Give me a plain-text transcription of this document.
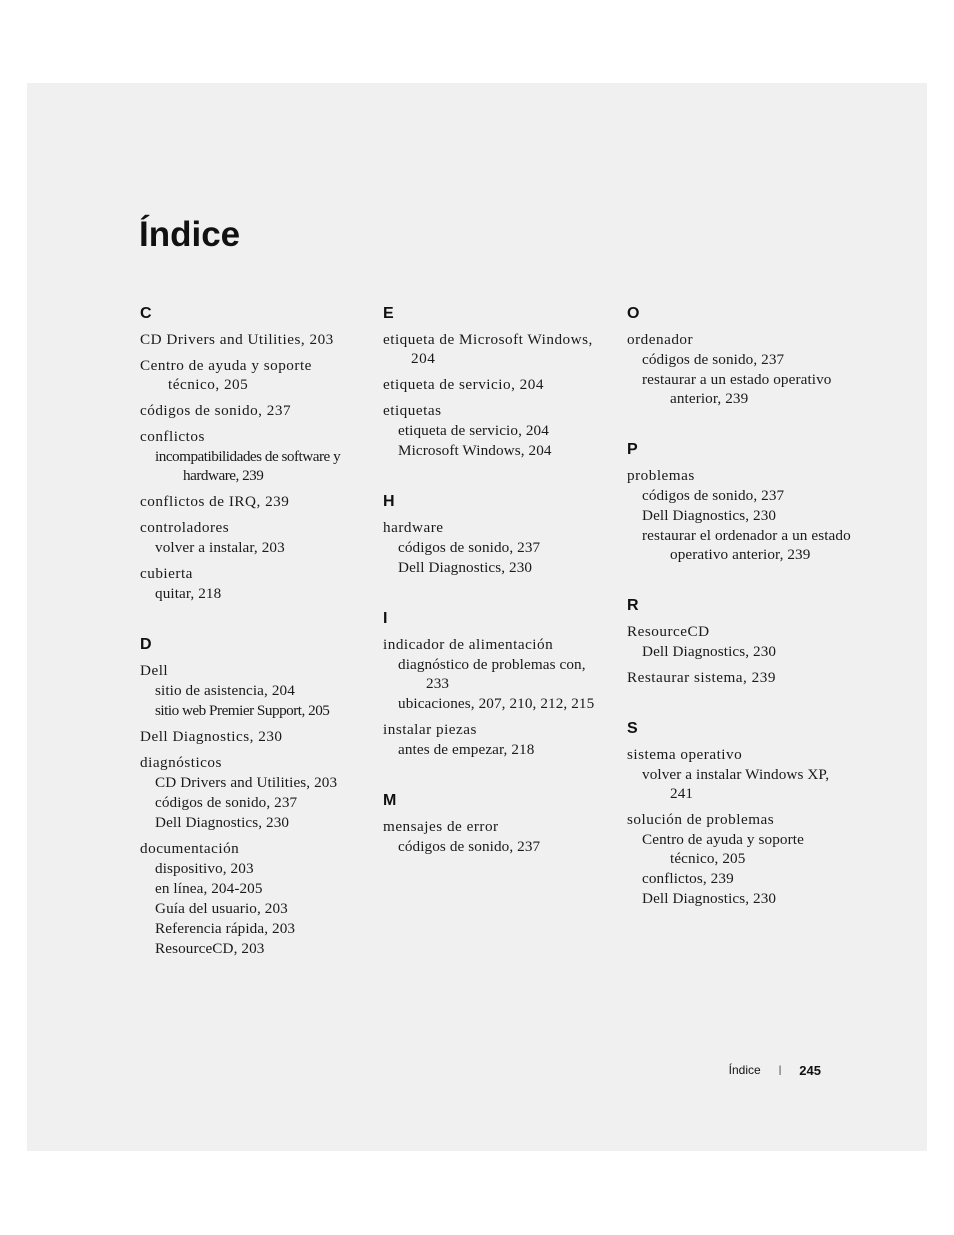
Índice
C
CD Drivers and Utilities, 203
Centro de ayuda y soporte técnico, 205
códigos de sonido, 237
conflictos
incompatibilidades de software y hardware, 239
conflictos de IRQ, 239
controladores
volver a instalar, 203
cubierta
quitar, 218
D
Dell
sitio de asistencia, 204
sitio web Premier Support, 205
Dell Diagnostics, 230
diagnósticos
CD Drivers and Utilities, 203
códigos de sonido, 237
Dell Diagnostics, 230
documentación
dispositivo, 203
en línea, 204-205
Guía del usuario, 203
Referencia rápida, 203
ResourceCD, 203
E
etiqueta de Microsoft Windows, 204
etiqueta de servicio, 204
etiquetas
etiqueta de servicio, 204
Microsoft Windows, 204
H
hardware
códigos de sonido, 237
Dell Diagnostics, 230
I
indicador de alimentación
diagnóstico de problemas con, 233
ubicaciones, 207, 210, 212, 215
instalar piezas
antes de empezar, 218
M
mensajes de error
códigos de sonido, 237
O
ordenador
códigos de sonido, 237
restaurar a un estado operativo anterior, 239
P
problemas
códigos de sonido, 237
Dell Diagnostics, 230
restaurar el ordenador a un estado operativo anterior, 239
R
ResourceCD
Dell Diagnostics, 230
Restaurar sistema, 239
S
sistema operativo
volver a instalar Windows XP, 241
solución de problemas
Centro de ayuda y soporte técnico, 205
conflictos, 239
Dell Diagnostics, 230
Índice | 245
